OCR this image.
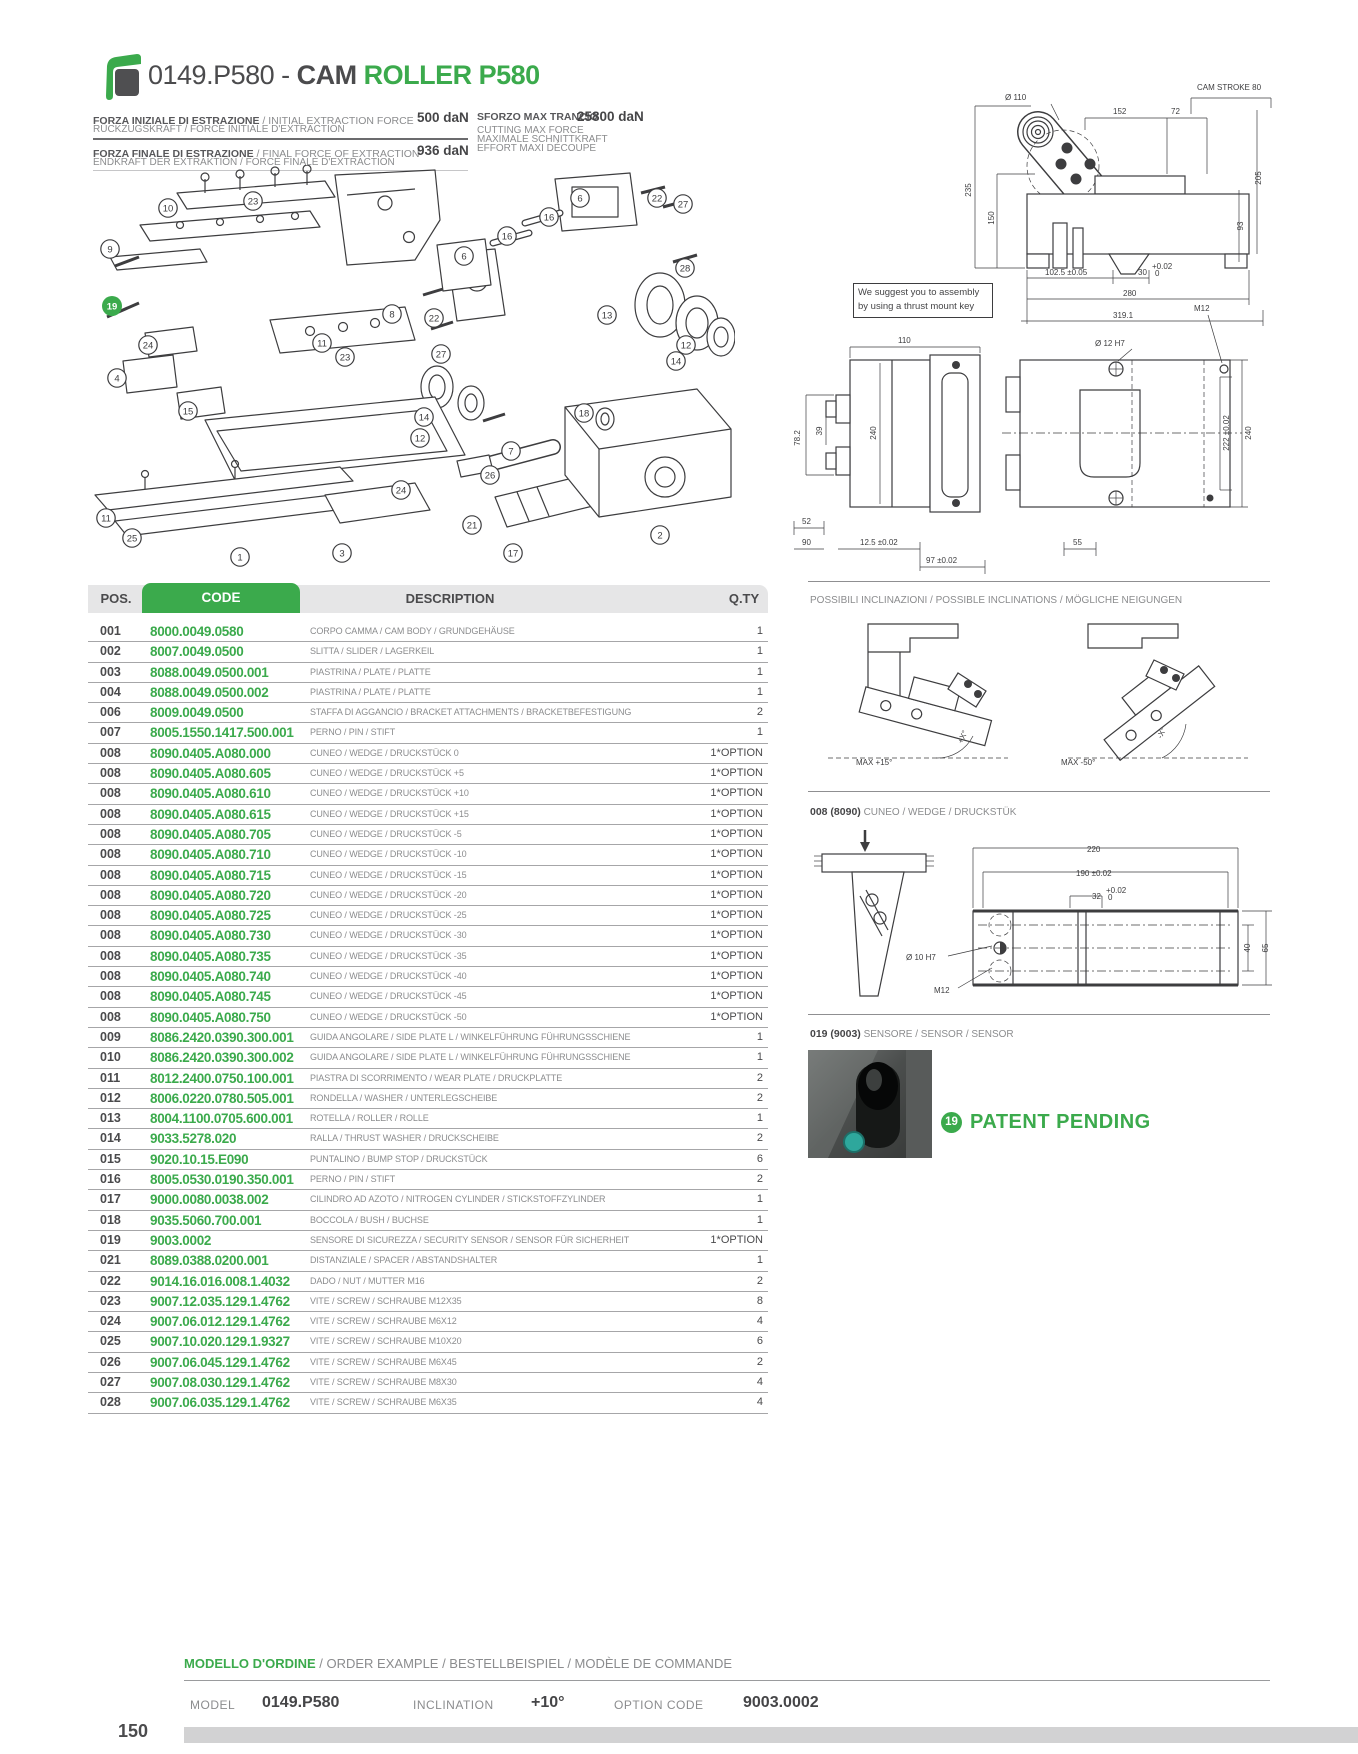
0149.P580 - CAM ROLLER P580
FORZA INIZIALE DI ESTRAZIONE / INITIAL EXTRACTION FORCE
RÜCKZUGSKRAFT / FORCE INITIALE D'EXTRACTION
500 daN
FORZA FINALE DI ESTRAZIONE / FINAL FORCE OF EXTRACTION
ENDKRAFT DER EXTRAKTION / FORCE FINALE D'EXTRACTION
936 daN
SFORZO MAX TRANCIO
25800 daN
CUTTING MAX FORCE
MAXIMALE SCHNITTKRAFT
EFFORT MAXI DÉCOUPE
10
23
9
19
24
4
15
11
23
8	22
27
14
12
24
11
25
1	3
26
21
17
6
16
16
6
22
27
28
13
12
14
18
7
2
Ø 110
152	72
CAM STROKE 80
235
150
205
93
102.5 ±0.05	30
+0.02
0
280
319.1
We suggest you to assembly
by using a thrust mount key
110
78.2 39	240
Ø 12 H7
M12
222 ±0.02 240
52
90	12.5 ±0.02
97 ±0.02
55
POSSIBILI INCLINAZIONI / POSSIBLE INCLINATIONS / MÖGLICHE NEIGUNGEN
MAX +15°	MAX -50°
+X°	-X°
008 (8090) CUNEO / WEDGE / DRUCKSTÜK
220
190 ±0.02
32
+0.02
0
Ø 10 H7
M12
40 65
019 (9003) SENSORE / SENSOR / SENSOR
19 PATENT PENDING
POS.	CODE	DESCRIPTION	Q.TY
001 8000.0049.0580	CORPO CAMMA / CAM BODY / GRUNDGEHÄUSE	1
002 8007.0049.0500	SLITTA / SLIDER / LAGERKEIL	1
003 8088.0049.0500.001	PIASTRINA / PLATE / PLATTE	1
004 8088.0049.0500.002	PIASTRINA / PLATE / PLATTE	1
006 8009.0049.0500	STAFFA DI AGGANCIO / BRACKET ATTACHMENTS / BRACKETBEFESTIGUNG	2
007 8005.1550.1417.500.001 PERNO / PIN / STIFT	1
008 8090.0405.A080.000	CUNEO / WEDGE / DRUCKSTÜCK 0	1*OPTION
008 8090.0405.A080.605	CUNEO / WEDGE / DRUCKSTÜCK +5	1*OPTION
008 8090.0405.A080.610	CUNEO / WEDGE / DRUCKSTÜCK +10	1*OPTION
008 8090.0405.A080.615	CUNEO / WEDGE / DRUCKSTÜCK +15	1*OPTION
008 8090.0405.A080.705	CUNEO / WEDGE / DRUCKSTÜCK -5	1*OPTION
008 8090.0405.A080.710	CUNEO / WEDGE / DRUCKSTÜCK -10	1*OPTION
008 8090.0405.A080.715	CUNEO / WEDGE / DRUCKSTÜCK -15	1*OPTION
008 8090.0405.A080.720	CUNEO / WEDGE / DRUCKSTÜCK -20	1*OPTION
008 8090.0405.A080.725	CUNEO / WEDGE / DRUCKSTÜCK -25	1*OPTION
008 8090.0405.A080.730	CUNEO / WEDGE / DRUCKSTÜCK -30	1*OPTION
008 8090.0405.A080.735	CUNEO / WEDGE / DRUCKSTÜCK -35	1*OPTION
008 8090.0405.A080.740	CUNEO / WEDGE / DRUCKSTÜCK -40	1*OPTION
008 8090.0405.A080.745	CUNEO / WEDGE / DRUCKSTÜCK -45	1*OPTION
008 8090.0405.A080.750	CUNEO / WEDGE / DRUCKSTÜCK -50	1*OPTION
009 8086.2420.0390.300.001 GUIDA ANGOLARE / SIDE PLATE L / WINKELFÜHRUNG FÜHRUNGSSCHIENE	1
010 8086.2420.0390.300.002 GUIDA ANGOLARE / SIDE PLATE L / WINKELFÜHRUNG FÜHRUNGSSCHIENE	1
011 8012.2400.0750.100.001 PIASTRA DI SCORRIMENTO / WEAR PLATE / DRUCKPLATTE	2
012 8006.0220.0780.505.001 RONDELLA / WASHER / UNTERLEGSCHEIBE	2
013 8004.1100.0705.600.001 ROTELLA / ROLLER / ROLLE	1
014 9033.5278.020	RALLA / THRUST WASHER / DRUCKSCHEIBE	2
015 9020.10.15.E090	PUNTALINO / BUMP STOP / DRUCKSTÜCK	6
016 8005.0530.0190.350.001 PERNO / PIN / STIFT	2
017 9000.0080.0038.002	CILINDRO AD AZOTO / NITROGEN CYLINDER / STICKSTOFFZYLINDER	1
018 9035.5060.700.001	BOCCOLA / BUSH / BUCHSE	1
019 9003.0002	SENSORE DI SICUREZZA / SECURITY SENSOR / SENSOR FÜR SICHERHEIT	1*OPTION
021 8089.0388.0200.001	DISTANZIALE / SPACER / ABSTANDSHALTER	1
022 9014.16.016.008.1.4032 DADO / NUT / MUTTER M16	2
023 9007.12.035.129.1.4762 VITE / SCREW / SCHRAUBE M12X35	8
024 9007.06.012.129.1.4762 VITE / SCREW / SCHRAUBE M6X12	4
025 9007.10.020.129.1.9327 VITE / SCREW / SCHRAUBE M10X20	6
026 9007.06.045.129.1.4762 VITE / SCREW / SCHRAUBE M6X45	2
027 9007.08.030.129.1.4762 VITE / SCREW / SCHRAUBE M8X30	4
028 9007.06.035.129.1.4762 VITE / SCREW / SCHRAUBE M6X35	4
MODELLO D'ORDINE / ORDER EXAMPLE / BESTELLBEISPIEL / MODÈLE DE COMMANDE
MODEL 0149.P580	INCLINATION +10°	OPTION CODE 9003.0002
150
